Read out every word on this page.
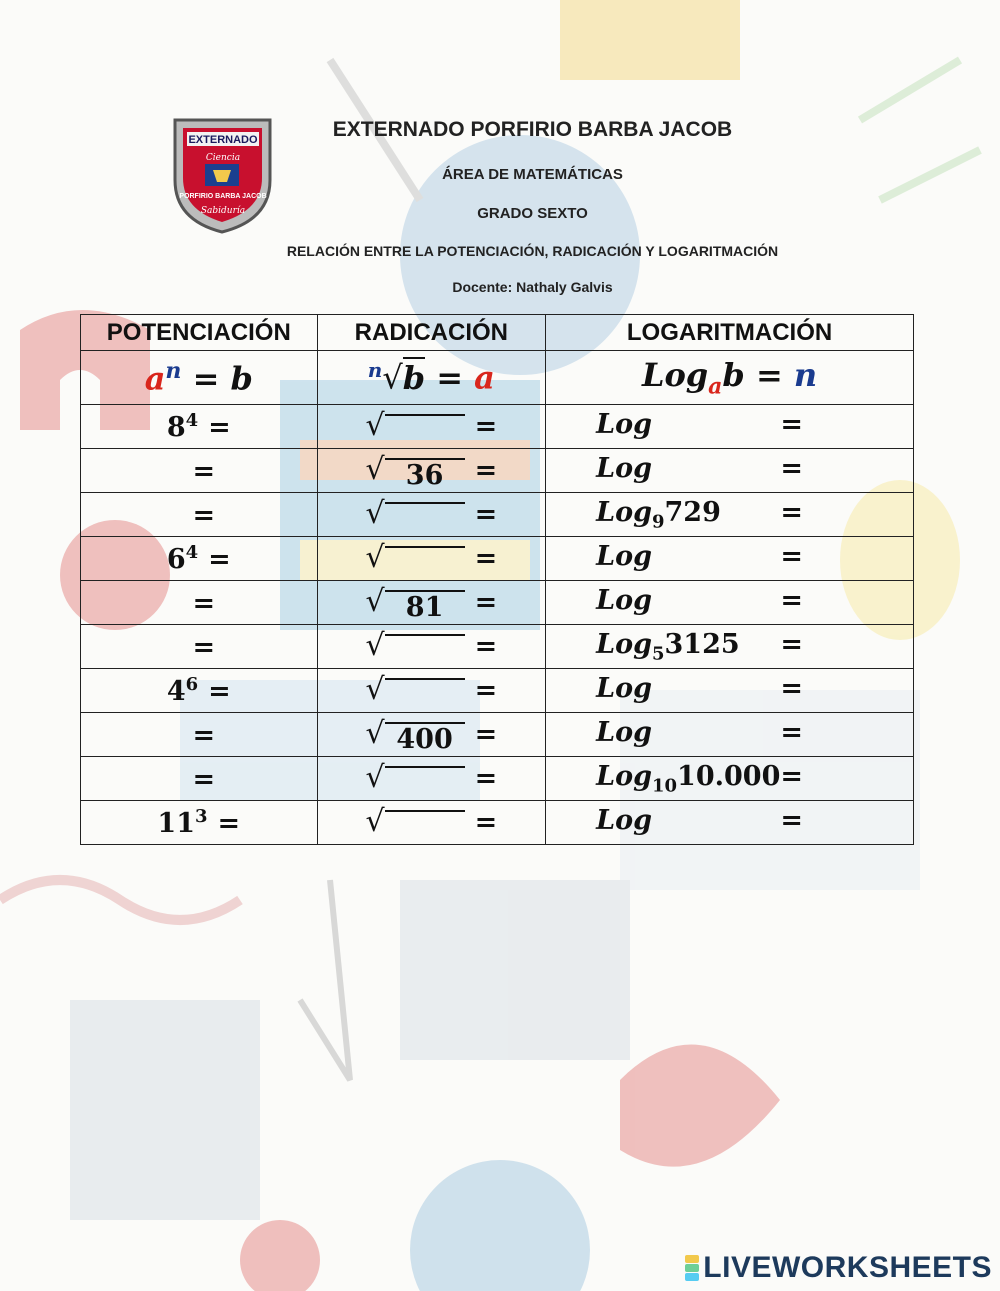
EXTERNADO
Ciencia
PORFIRIO BARBA JACOB
Sabiduría
EXTERNADO PORFIRIO BARBA JACOB
ÁREA DE MATEMÁTICAS
GRADO SEXTO
RELACIÓN ENTRE LA POTENCIACIÓN, RADICACIÓN Y LOGARITMACIÓN
Docente: Nathaly Galvis
POTENCIACIÓN	RADICACIÓN	LOGARITMACIÓN
$a^n = b$	$^n$√b = a	Log$_a$b = n
$8^4$ =	√ =	Log =

=	√ 36 =	Log =

=	√ =	Log$_9$729 =

$6^4$ =	√ =	Log =

=	√ 81 =	Log =

=	√ =	Log$_5$3125 =

$4^6$ =	√ =	Log =

=	√ 400 =	Log =

=	√ =	Log$_{10}$10.000 =

$11^3$ =	√ =	Log =
LIVEWORKSHEETS
